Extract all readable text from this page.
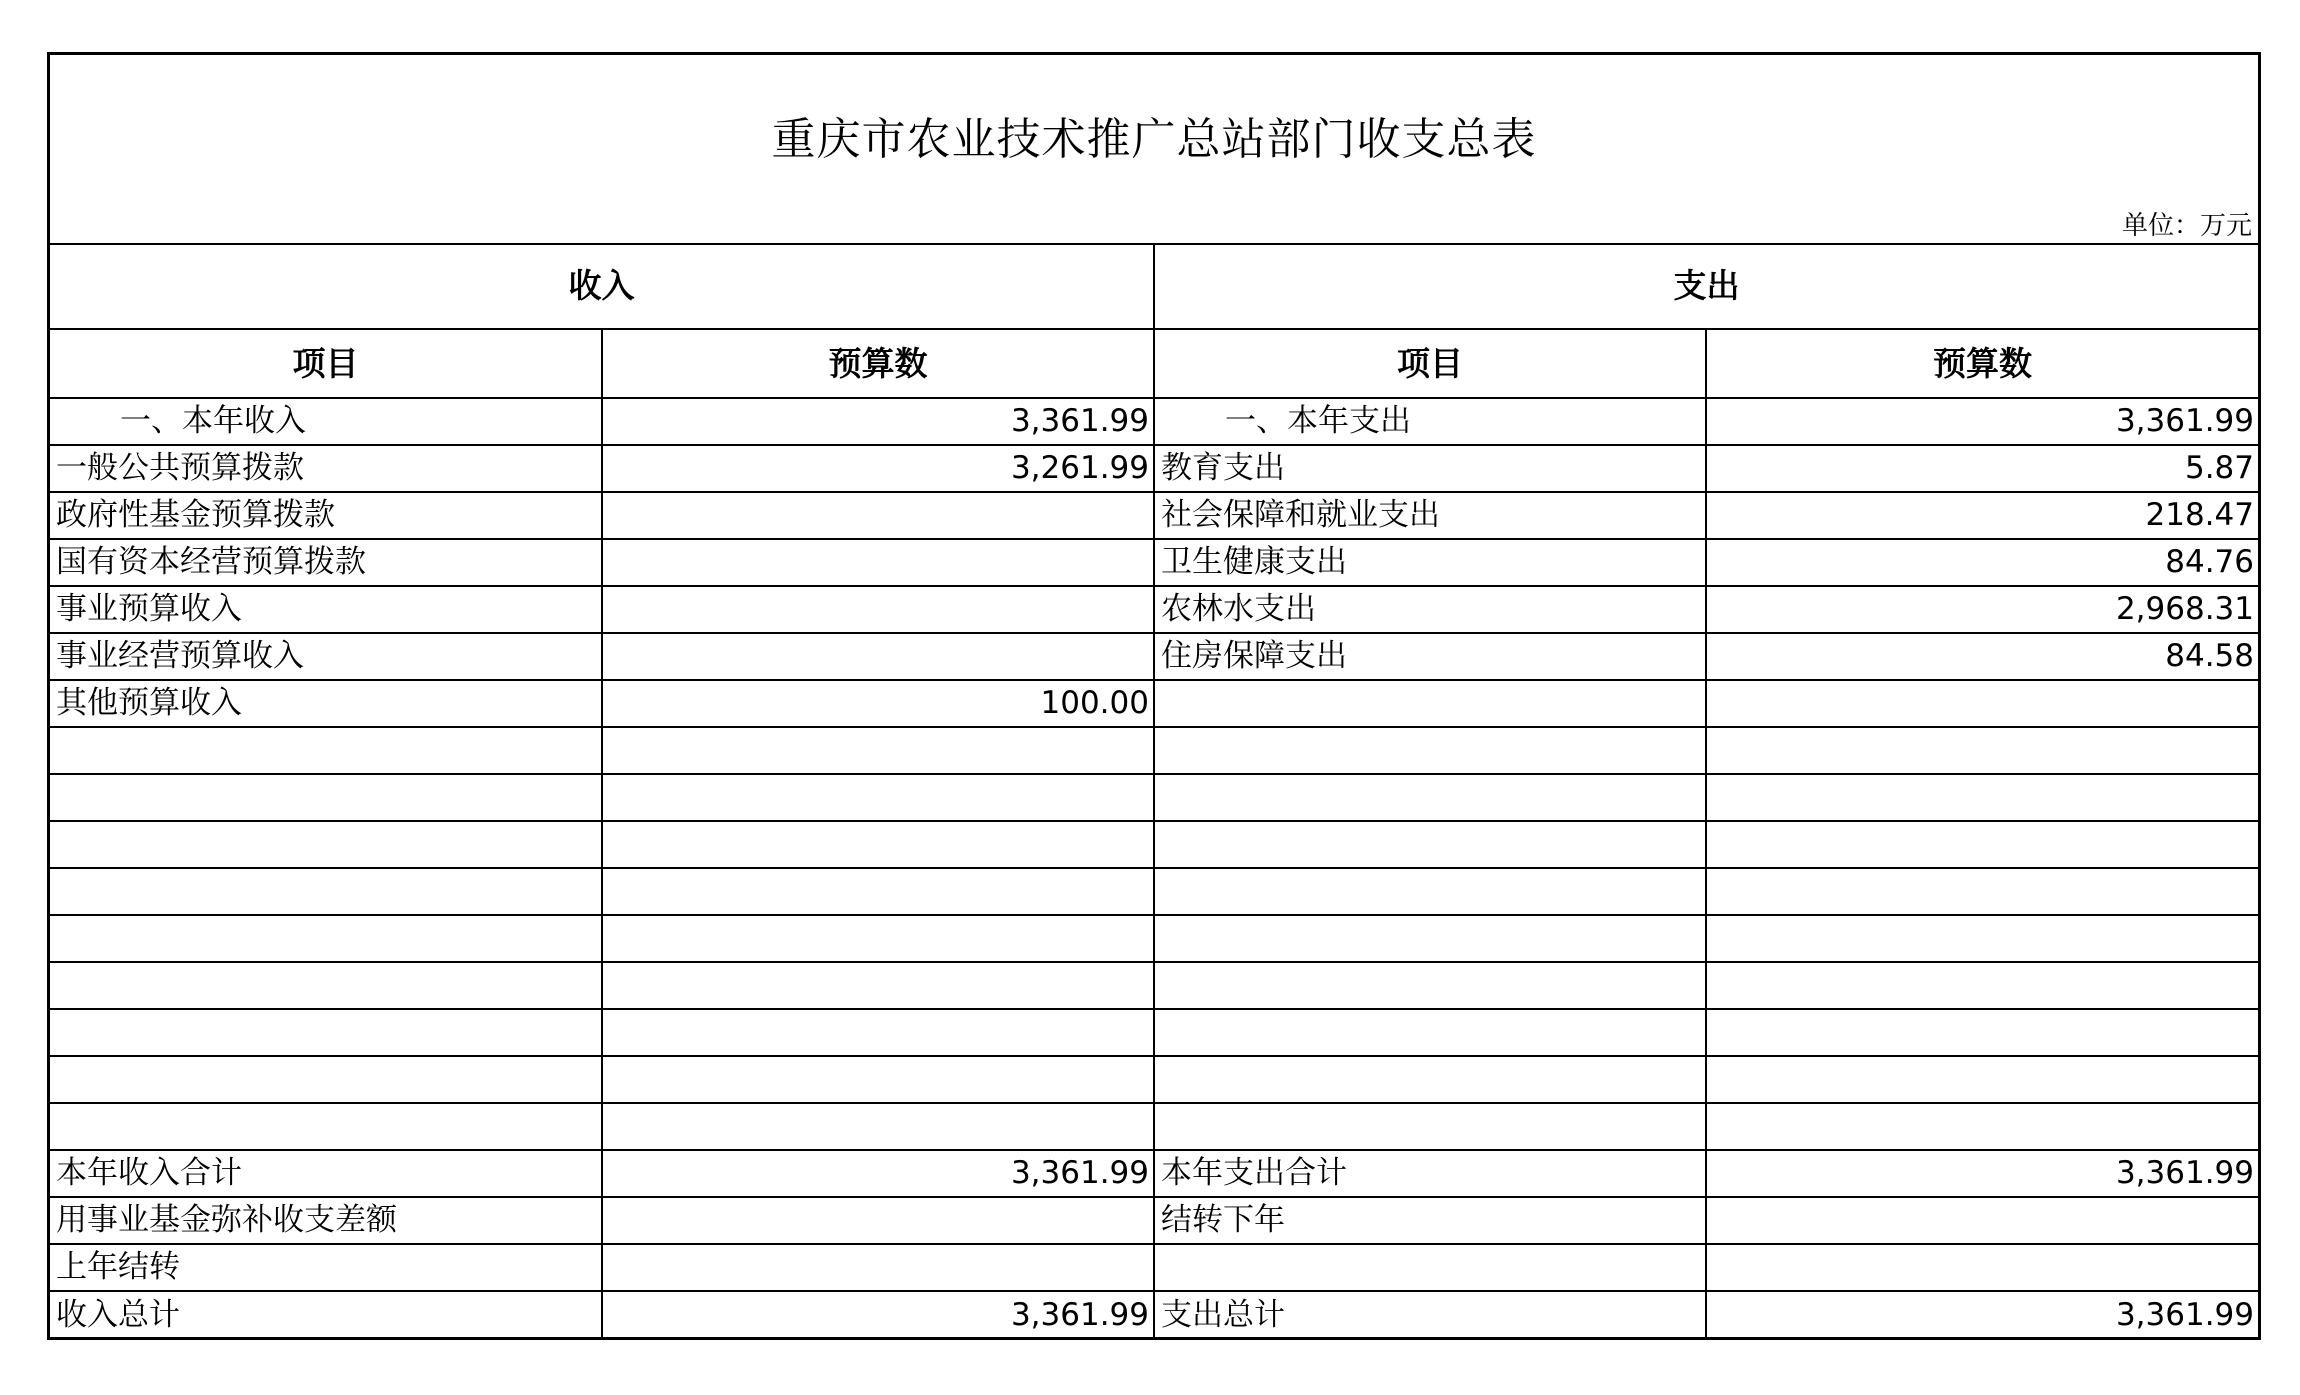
重庆市农业技术推广总站部门收支总表
单位：万元
收入		支出	
项目	预算数	项目	预算数
一、本年收入	3,361.99	一、本年支出	3,361.99
一般公共预算拨款	3,261.99	教育支出	5.87
政府性基金预算拨款		社会保障和就业支出	218.47
国有资本经营预算拨款		卫生健康支出	84.76
事业预算收入		农林水支出	2,968.31
事业经营预算收入		住房保障支出	84.58
其他预算收入	100.00		

本年收入合计	3,361.99	本年支出合计	3,361.99
用事业基金弥补收支差额		结转下年	
上年结转			
收入总计	3,361.99	支出总计	3,361.99
